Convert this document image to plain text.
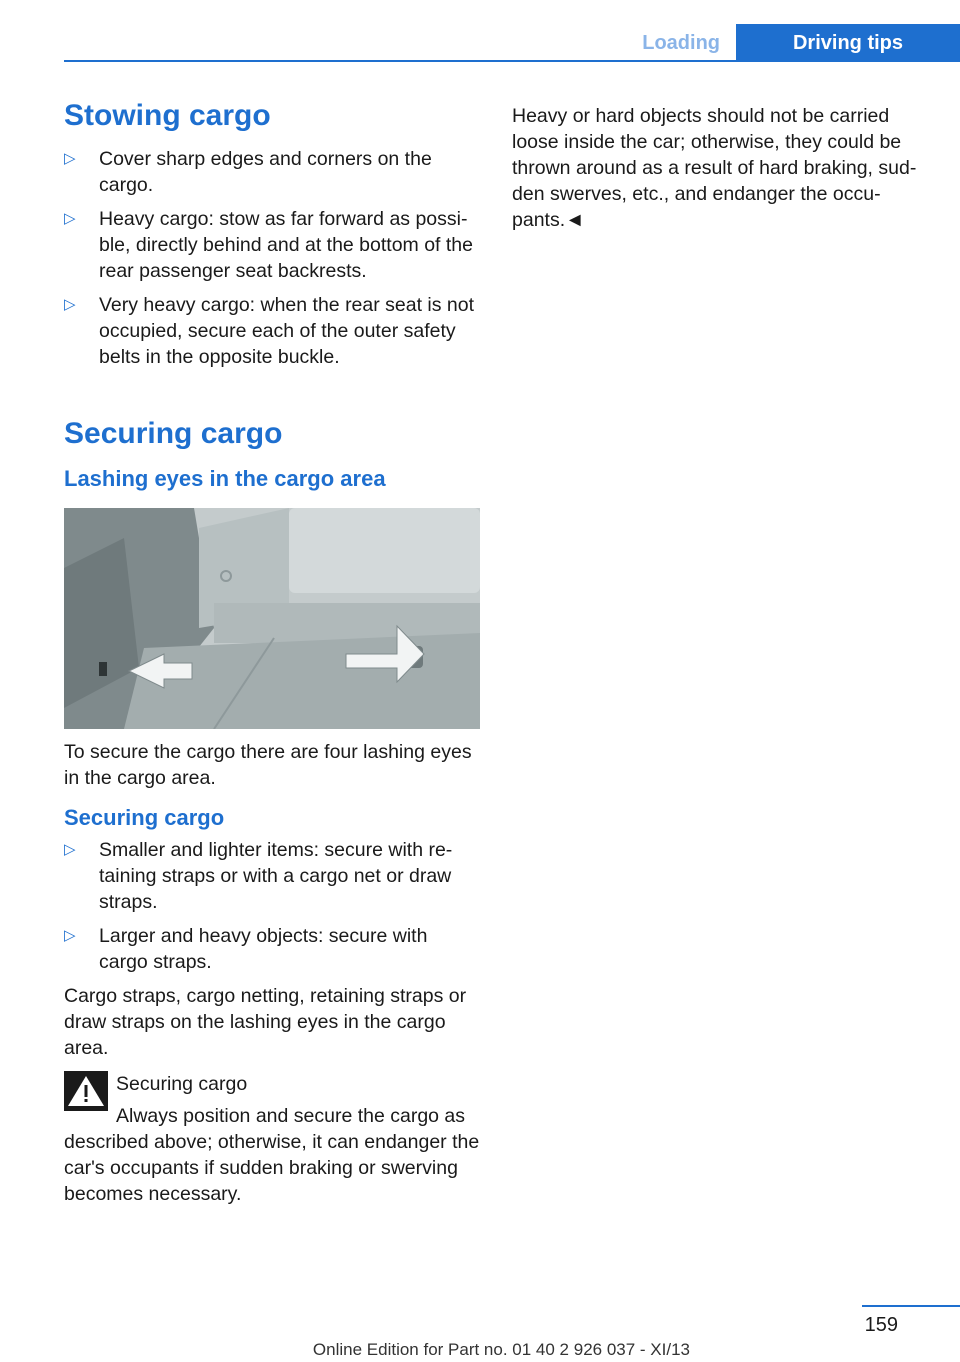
Loading	Driving tips
Stowing cargo
▷ Cover sharp edges and corners on the cargo.
▷ Heavy cargo: stow as far forward as possi‐ble, directly behind and at the bottom of the rear passenger seat backrests.
▷ Very heavy cargo: when the rear seat is not occupied, secure each of the outer safety belts in the opposite buckle.
Securing cargo
Lashing eyes in the cargo area

To secure the cargo there are four lashing eyes in the cargo area.

Securing cargo
▷ Smaller and lighter items: secure with re‐taining straps or with a cargo net or draw straps.
▷ Larger and heavy objects: secure with cargo straps.

Cargo straps, cargo netting, retaining straps or draw straps on the lashing eyes in the cargo area.

Securing cargo

Always position and secure the cargo as described above; otherwise, it can endanger the car's occupants if sudden braking or swerving becomes necessary.

Heavy or hard objects should not be carried loose inside the car; otherwise, they could be thrown around as a result of hard braking, sud‐den swerves, etc., and endanger the occu‐pants.◄

159
Online Edition for Part no. 01 40 2 926 037 - XI/13
